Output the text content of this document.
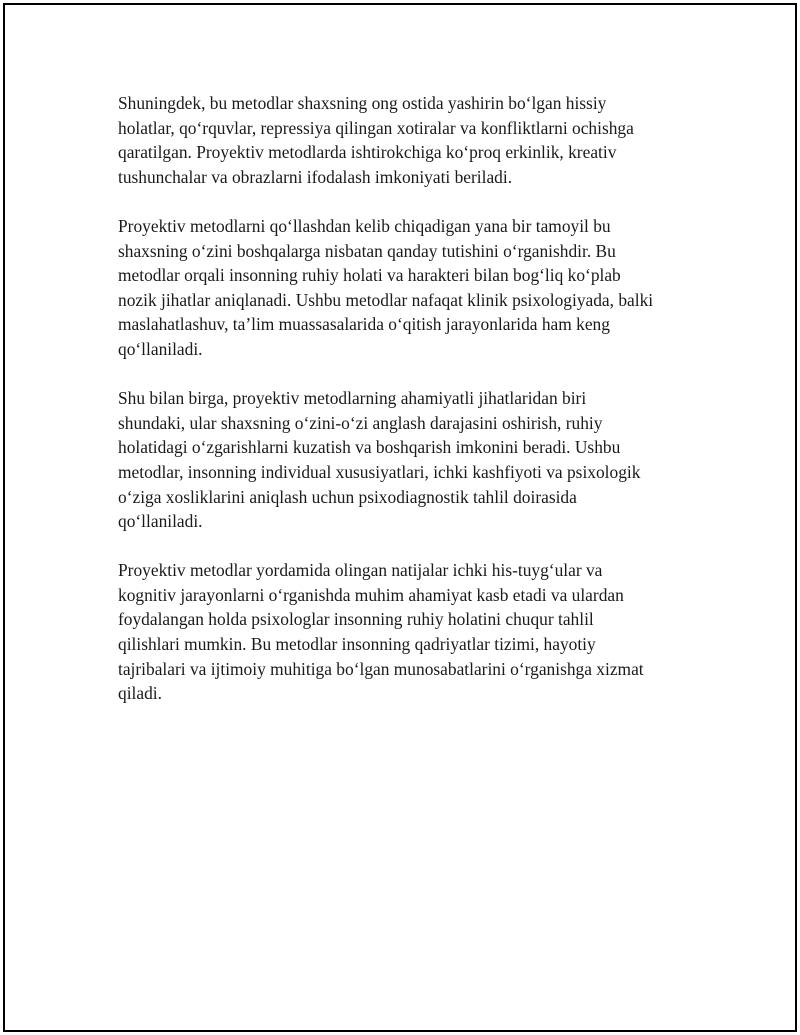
Shuningdek, bu metodlar shaxsning ong ostida yashirin bo‘lgan hissiy
holatlar, qo‘rquvlar, repressiya qilingan xotiralar va konfliktlarni ochishga
qaratilgan. Proyektiv metodlarda ishtirokchiga ko‘proq erkinlik, kreativ
tushunchalar va obrazlarni ifodalash imkoniyati beriladi.

Proyektiv metodlarni qo‘llashdan kelib chiqadigan yana bir tamoyil bu
shaxsning o‘zini boshqalarga nisbatan qanday tutishini o‘rganishdir. Bu
metodlar orqali insonning ruhiy holati va harakteri bilan bog‘liq ko‘plab
nozik jihatlar aniqlanadi. Ushbu metodlar nafaqat klinik psixologiyada, balki
maslahatlashuv, ta’lim muassasalarida o‘qitish jarayonlarida ham keng
qo‘llaniladi.

Shu bilan birga, proyektiv metodlarning ahamiyatli jihatlaridan biri
shundaki, ular shaxsning o‘zini-o‘zi anglash darajasini oshirish, ruhiy
holatidagi o‘zgarishlarni kuzatish va boshqarish imkonini beradi. Ushbu
metodlar, insonning individual xususiyatlari, ichki kashfiyoti va psixologik
o‘ziga xosliklarini aniqlash uchun psixodiagnostik tahlil doirasida
qo‘llaniladi.

Proyektiv metodlar yordamida olingan natijalar ichki his-tuyg‘ular va
kognitiv jarayonlarni o‘rganishda muhim ahamiyat kasb etadi va ulardan
foydalangan holda psixologlar insonning ruhiy holatini chuqur tahlil
qilishlari mumkin. Bu metodlar insonning qadriyatlar tizimi, hayotiy
tajribalari va ijtimoiy muhitiga bo‘lgan munosabatlarini o‘rganishga xizmat
qiladi.
